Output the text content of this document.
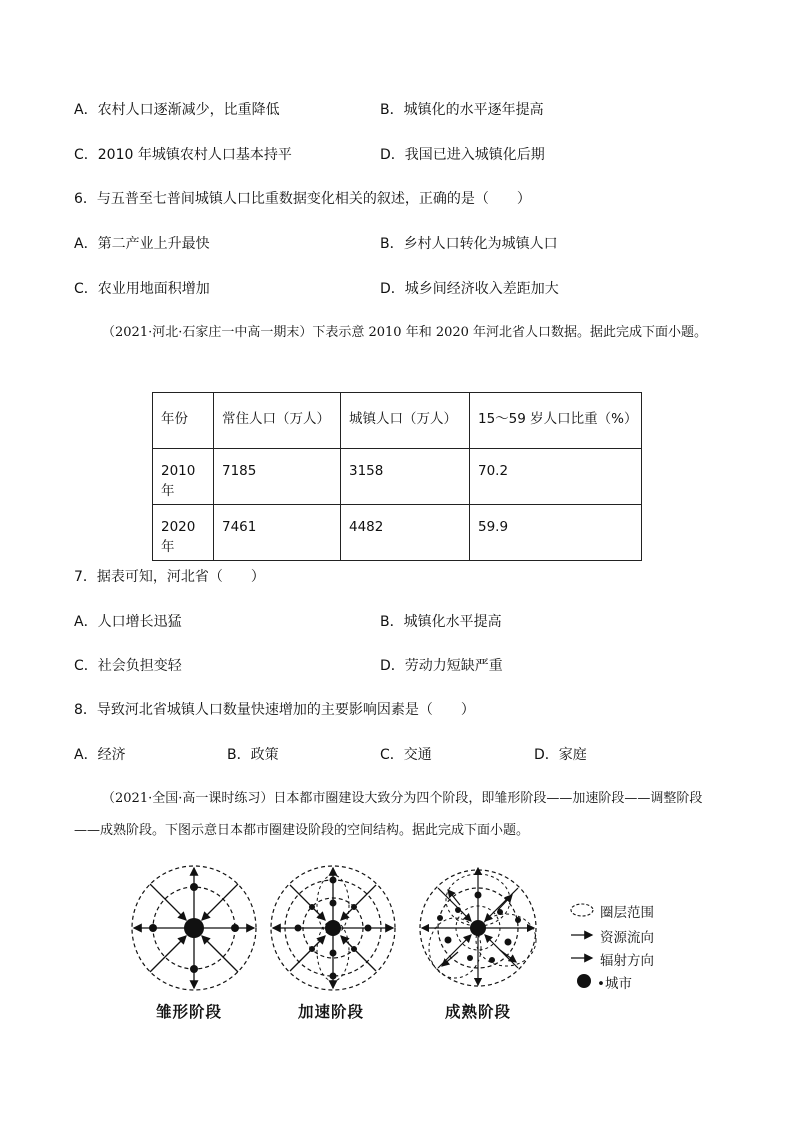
A．农村人口逐渐减少，比重降低	B．城镇化的水平逐年提高
C．2010 年城镇农村人口基本持平	D．我国已进入城镇化后期
6．与五普至七普间城镇人口比重数据变化相关的叙述，正确的是（　　）
A．第二产业上升最快	B．乡村人口转化为城镇人口
C．农业用地面积增加	D．城乡间经济收入差距加大
（2021·河北·石家庄一中高一期末）下表示意 2010 年和 2020 年河北省人口数据。据此完成下面小题。
年份	常住人口（万人）	城镇人口（万人）	15～59 岁人口比重（%）
2010 年	7185	3158	70.2
2020 年	7461	4482	59.9
7．据表可知，河北省（　　）
A．人口增长迅猛	B．城镇化水平提高
C．社会负担变轻	D．劳动力短缺严重
8．导致河北省城镇人口数量快速增加的主要影响因素是（　　）
A．经济	B．政策	C．交通	D．家庭
（2021·全国·高一课时练习）日本都市圈建设大致分为四个阶段，即雏形阶段——加速阶段——调整阶段——成熟阶段。下图示意日本都市圈建设阶段的空间结构。据此完成下面小题。
圈层范围
资源流向
辐射方向
•城市
雏形阶段	加速阶段	成熟阶段
